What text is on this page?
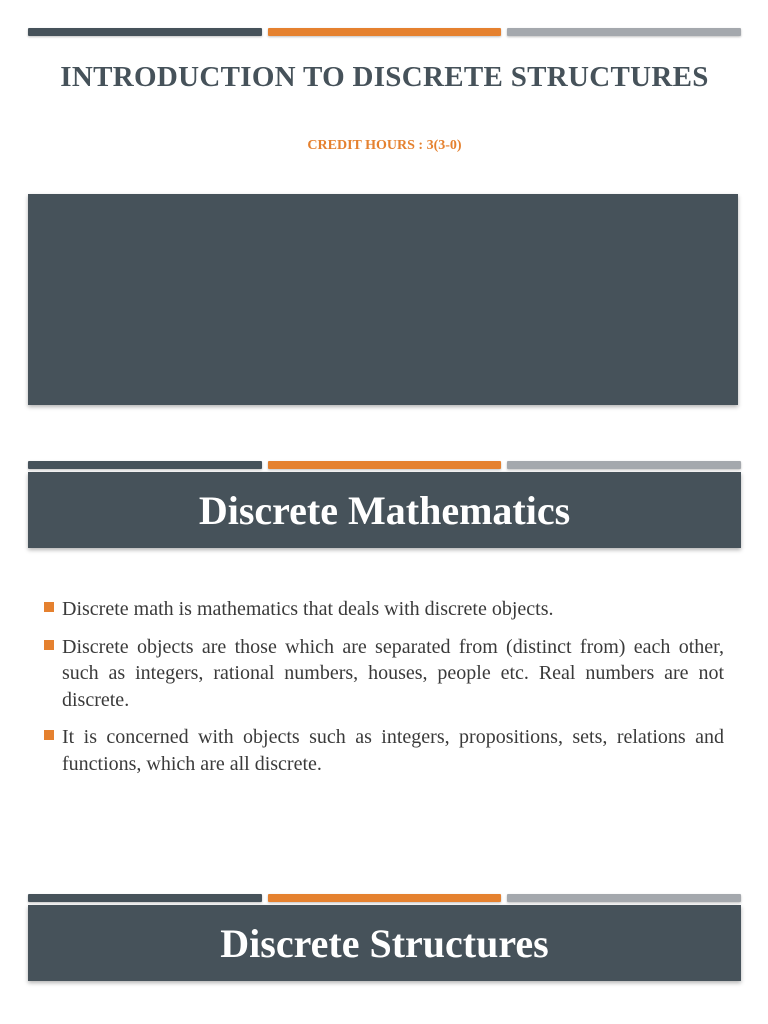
INTRODUCTION TO DISCRETE STRUCTURES
CREDIT HOURS : 3(3-0)
Discrete Mathematics
Discrete math is mathematics that deals with discrete objects.
Discrete objects are those which are separated from (distinct from) each other, such as integers, rational numbers, houses, people etc. Real numbers are not discrete.
It is concerned with objects such as integers, propositions, sets, relations and functions, which are all discrete.
Discrete Structures
